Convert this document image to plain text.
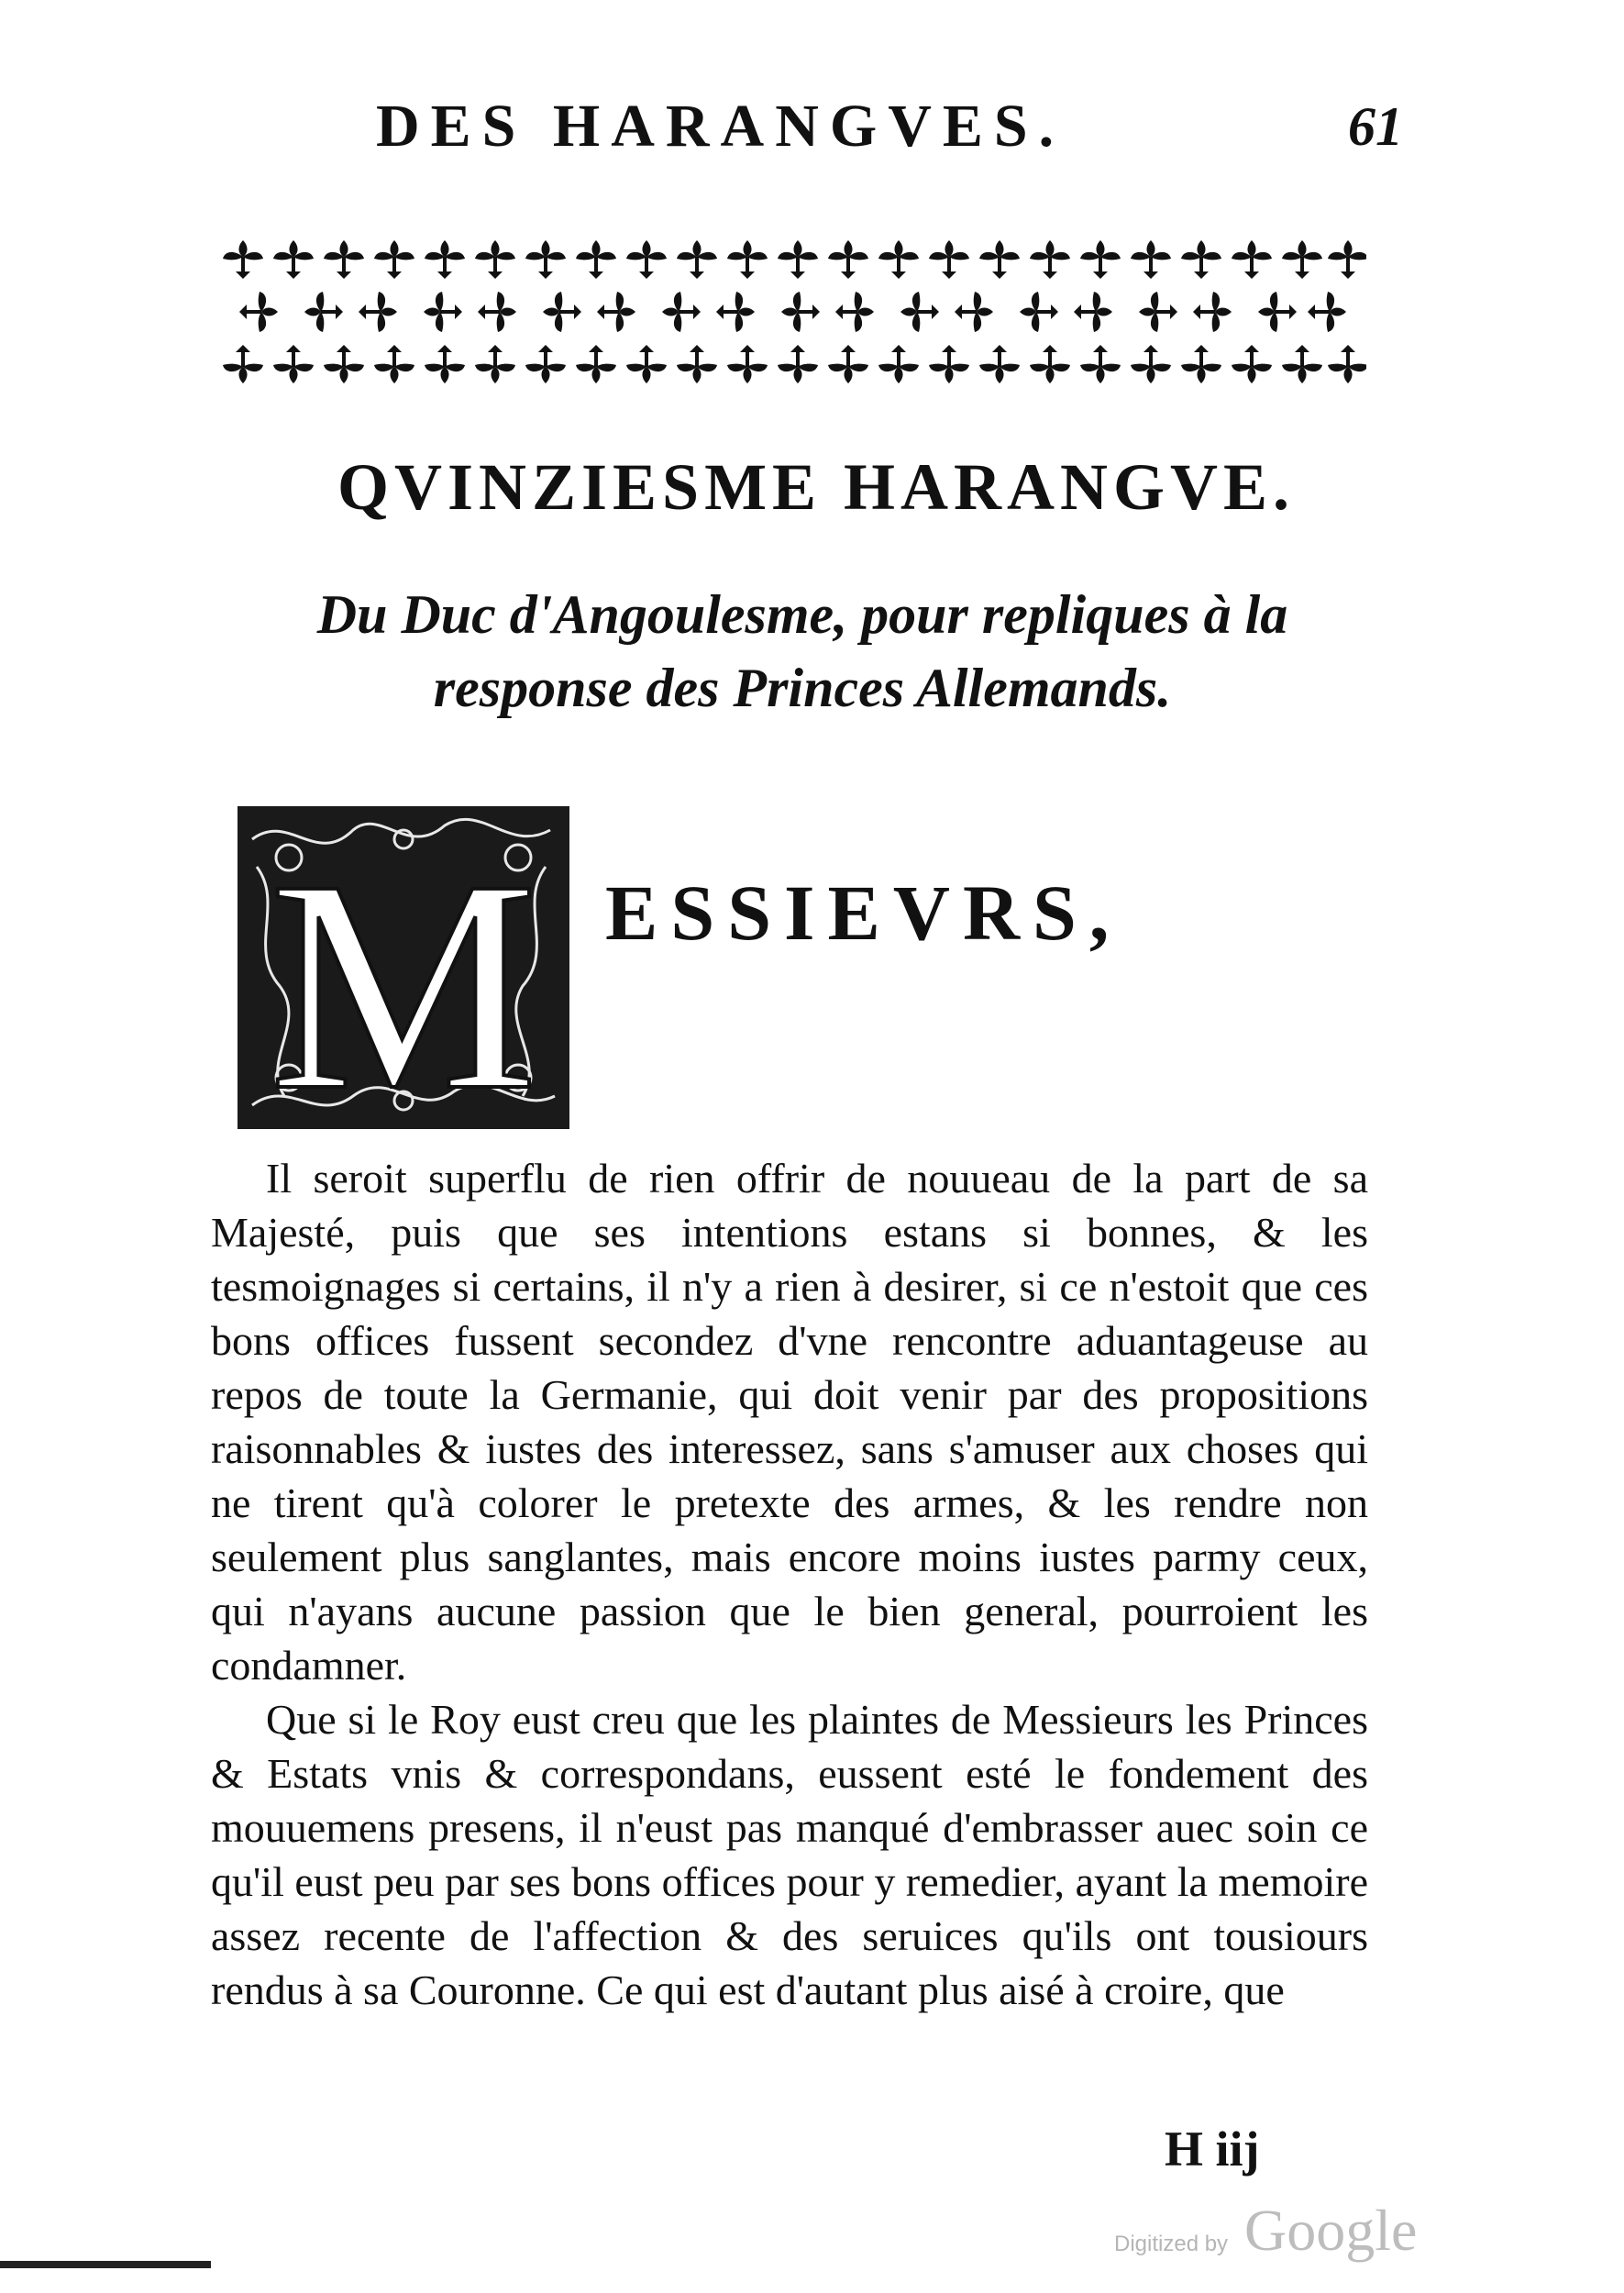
DES HARANGVES.	61
QVINZIESME HARANGVE.
Du Duc d'Angoulesme, pour repliques à la
response des Princes Allemands.
M ESSIEVRS,

Il seroit superflu de rien offrir de nouueau de la part de sa Majesté, puis que ses intentions estans si bonnes, & les tesmoignages si certains, il n'y a rien à desirer, si ce n'estoit que ces bons offices fussent secondez d'vne rencontre aduantageuse au repos de toute la Germanie, qui doit venir par des propositions raisonnables & iustes des interessez, sans s'amuser aux choses qui ne tirent qu'à colorer le pretexte des armes, & les rendre non seulement plus sanglantes, mais encore moins iustes parmy ceux, qui n'ayans aucune passion que le bien general, pourroient les condamner.

Que si le Roy eust creu que les plaintes de Messieurs les Princes & Estats vnis & correspondans, eussent esté le fondement des mouuemens presens, il n'eust pas manqué d'embrasser auec soin ce qu'il eust peu par ses bons offices pour y remedier, ayant la memoire assez recente de l'affection & des seruices qu'ils ont tousiours rendus à sa Couronne. Ce qui est d'autant plus aisé à croire, que

H iij
Digitized by Google
